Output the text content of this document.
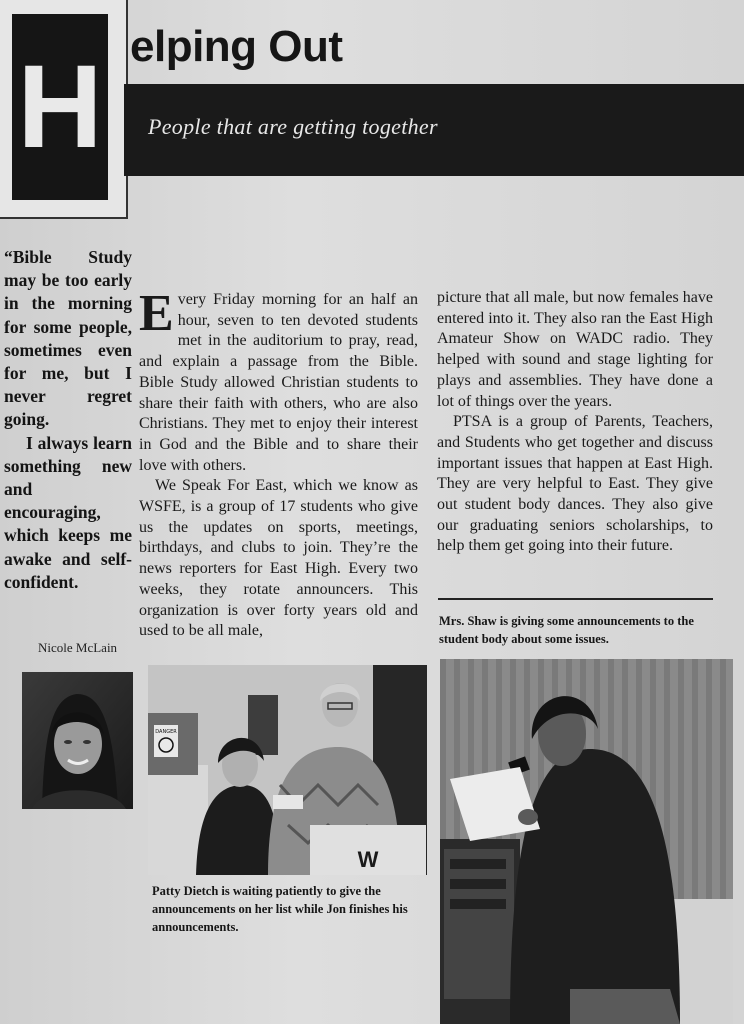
H elping Out
People that are getting together

“Bible Study may be too early in the morning for some people, sometimes even for me, but I never regret going.

I always learn something new and encouraging, which keeps me awake and self-confident.

Nicole McLain

Every Friday morning for an half an hour, seven to ten devoted students met in the auditorium to pray, read, and explain a passage from the Bible. Bible Study allowed Christian students to share their faith with others, who are also Christians. They met to enjoy their interest in God and the Bible and to share their love with others.

We Speak For East, which we know as WSFE, is a group of 17 students who give us the updates on sports, meetings, birthdays, and clubs to join. They’re the news reporters for East High. Every two weeks, they rotate announcers. This organization is over forty years old and used to be all male,

picture that all male, but now females have entered into it. They also ran the East High Amateur Show on WADC radio. They helped with sound and stage lighting for plays and assemblies. They have done a lot of things over the years.

PTSA is a group of Parents, Teachers, and Students who get together and discuss important issues that happen at East High. They are very helpful to East. They give out student body dances. They also give our graduating seniors scholarships, to help them get going into their future.

Mrs. Shaw is giving some announcements to the student body about some issues.
DANGER
W
Patty Dietch is waiting patiently to give the announcements on her list while Jon finishes his announcements.
